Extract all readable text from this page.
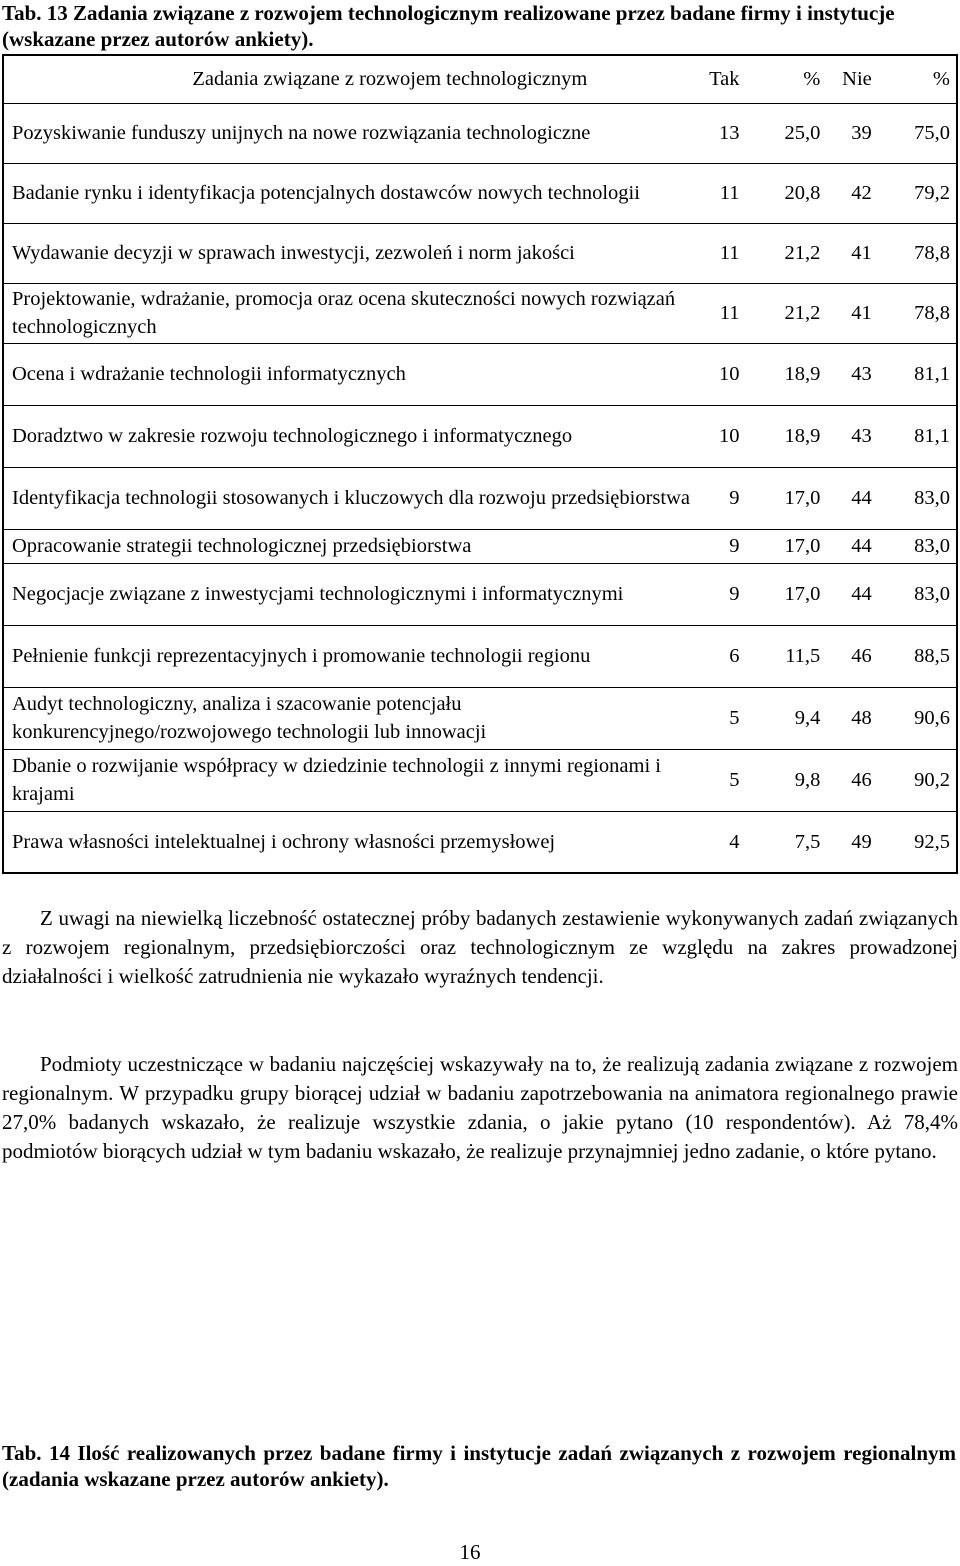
Tab. 13 Zadania związane z rozwojem technologicznym realizowane przez badane firmy i instytucje (wskazane przez autorów ankiety).
Zadania związane z rozwojem technologicznym	Tak	%	Nie	%
Pozyskiwanie funduszy unijnych na nowe rozwiązania technologiczne	13	25,0	39	75,0
Badanie rynku i identyfikacja potencjalnych dostawców nowych technologii	11	20,8	42	79,2
Wydawanie decyzji w sprawach inwestycji, zezwoleń i norm jakości	11	21,2	41	78,8
Projektowanie, wdrażanie, promocja oraz ocena skuteczności nowych rozwiązań technologicznych	11	21,2	41	78,8
Ocena i wdrażanie technologii informatycznych	10	18,9	43	81,1
Doradztwo w zakresie rozwoju technologicznego i informatycznego	10	18,9	43	81,1
Identyfikacja technologii stosowanych i kluczowych dla rozwoju przedsiębiorstwa	9	17,0	44	83,0
Opracowanie strategii technologicznej przedsiębiorstwa	9	17,0	44	83,0
Negocjacje związane z inwestycjami technologicznymi i informatycznymi	9	17,0	44	83,0
Pełnienie funkcji reprezentacyjnych i promowanie technologii regionu	6	11,5	46	88,5
Audyt technologiczny, analiza i szacowanie potencjału konkurencyjnego/rozwojowego technologii lub innowacji	5	9,4	48	90,6
Dbanie o rozwijanie współpracy w dziedzinie technologii z innymi regionami i krajami	5	9,8	46	90,2
Prawa własności intelektualnej i ochrony własności przemysłowej	4	7,5	49	92,5
Z uwagi na niewielką liczebność ostatecznej próby badanych zestawienie wykonywanych zadań związanych z rozwojem regionalnym, przedsiębiorczości oraz technologicznym ze względu na zakres prowadzonej działalności i wielkość zatrudnienia nie wykazało wyraźnych tendencji.
Podmioty uczestniczące w badaniu najczęściej wskazywały na to, że realizują zadania związane z rozwojem regionalnym. W przypadku grupy biorącej udział w badaniu zapotrzebowania na animatora regionalnego prawie 27,0% badanych wskazało, że realizuje wszystkie zdania, o jakie pytano (10 respondentów). Aż 78,4% podmiotów biorących udział w tym badaniu wskazało, że realizuje przynajmniej jedno zadanie, o które pytano.
Tab. 14 Ilość realizowanych przez badane firmy i instytucje zadań związanych z rozwojem regionalnym (zadania wskazane przez autorów ankiety).
16
